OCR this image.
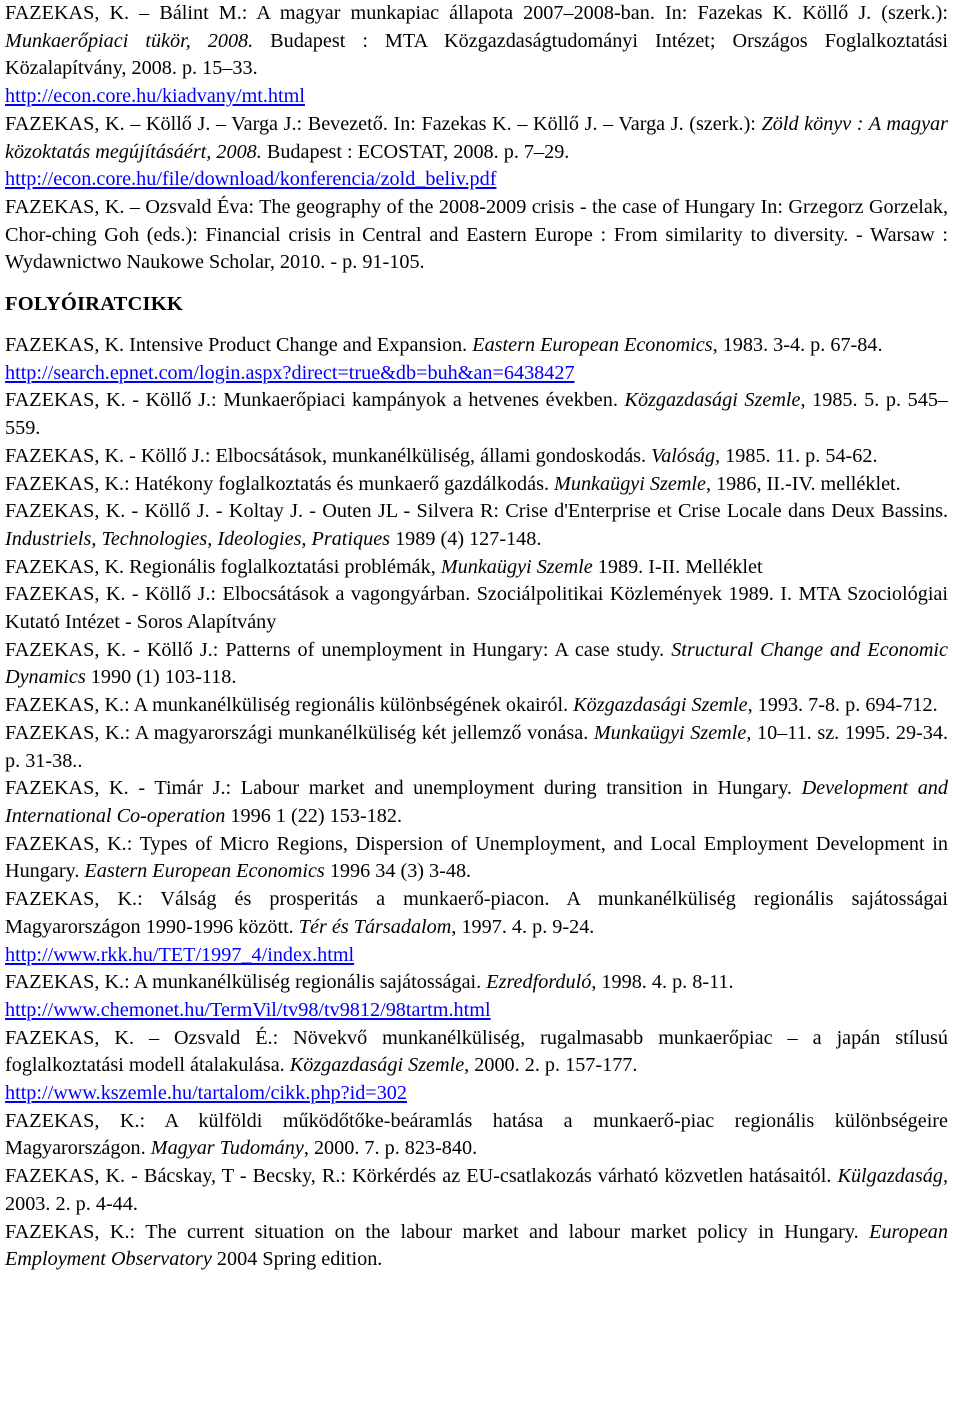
FAZEKAS, K. – Bálint M.: A magyar munkapiac állapota 2007–2008-ban. In: Fazekas K. Köllő J. (szerk.): Munkaerőpiaci tükör, 2008. Budapest : MTA Közgazdaságtudományi Intézet; Országos Foglalkoztatási Közalapítvány, 2008. p. 15–33.
http://econ.core.hu/kiadvany/mt.html

FAZEKAS, K. – Köllő J. – Varga J.: Bevezető. In: Fazekas K. – Köllő J. – Varga J. (szerk.): Zöld könyv : A magyar közoktatás megújításáért, 2008. Budapest : ECOSTAT, 2008. p. 7–29.
http://econ.core.hu/file/download/konferencia/zold_beliv.pdf

FAZEKAS, K. – Ozsvald Éva: The geography of the 2008-2009 crisis - the case of Hungary In: Grzegorz Gorzelak, Chor-ching Goh (eds.): Financial crisis in Central and Eastern Europe : From similarity to diversity. - Warsaw : Wydawnictwo Naukowe Scholar, 2010. - p. 91-105.

FOLYÓIRATCIKK

FAZEKAS, K. Intensive Product Change and Expansion. Eastern European Economics, 1983. 3-4. p. 67-84.
http://search.epnet.com/login.aspx?direct=true&db=buh&an=6438427

FAZEKAS, K. - Köllő J.: Munkaerőpiaci kampányok a hetvenes években. Közgazdasági Szemle, 1985. 5. p. 545–559.

FAZEKAS, K. - Köllő J.: Elbocsátások, munkanélküliség, állami gondoskodás. Valóság, 1985. 11. p. 54-62.

FAZEKAS, K.: Hatékony foglalkoztatás és munkaerő gazdálkodás. Munkaügyi Szemle, 1986, II.-IV. melléklet.

FAZEKAS, K. - Köllő J. - Koltay J. - Outen JL - Silvera R: Crise d'Enterprise et Crise Locale dans Deux Bassins. Industriels, Technologies, Ideologies, Pratiques 1989 (4) 127-148.

FAZEKAS, K. Regionális foglalkoztatási problémák, Munkaügyi Szemle 1989. I-II. Melléklet

FAZEKAS, K. - Köllő J.: Elbocsátások a vagongyárban. Szociálpolitikai Közlemények 1989. I. MTA Szociológiai Kutató Intézet - Soros Alapítvány

FAZEKAS, K. - Köllő J.: Patterns of unemployment in Hungary: A case study. Structural Change and Economic Dynamics 1990 (1) 103-118.

FAZEKAS, K.: A munkanélküliség regionális különbségének okairól. Közgazdasági Szemle, 1993. 7-8. p. 694-712.

FAZEKAS, K.: A magyarországi munkanélküliség két jellemző vonása. Munkaügyi Szemle, 10–11. sz. 1995. 29-34. p. 31-38..

FAZEKAS, K. - Timár J.: Labour market and unemployment during transition in Hungary. Development and International Co-operation 1996 1 (22) 153-182.

FAZEKAS, K.: Types of Micro Regions, Dispersion of Unemployment, and Local Employment Development in Hungary. Eastern European Economics 1996 34 (3) 3-48.

FAZEKAS, K.: Válság és prosperitás a munkaerő-piacon. A munkanélküliség regionális sajátosságai Magyarországon 1990-1996 között. Tér és Társadalom, 1997. 4. p. 9-24.
http://www.rkk.hu/TET/1997_4/index.html

FAZEKAS, K.: A munkanélküliség regionális sajátosságai. Ezredforduló, 1998. 4. p. 8-11.
http://www.chemonet.hu/TermVil/tv98/tv9812/98tartm.html

FAZEKAS, K. – Ozsvald É.: Növekvő munkanélküliség, rugalmasabb munkaerőpiac – a japán stílusú foglalkoztatási modell átalakulása. Közgazdasági Szemle, 2000. 2. p. 157-177.
http://www.kszemle.hu/tartalom/cikk.php?id=302

FAZEKAS, K.: A külföldi működőtőke-beáramlás hatása a munkaerő-piac regionális különbségeire Magyarországon. Magyar Tudomány, 2000. 7. p. 823-840.

FAZEKAS, K. - Bácskay, T - Becsky, R.: Körkérdés az EU-csatlakozás várható közvetlen hatásaitól. Külgazdaság, 2003. 2. p. 4-44.

FAZEKAS, K.: The current situation on the labour market and labour market policy in Hungary. European Employment Observatory 2004 Spring edition.
